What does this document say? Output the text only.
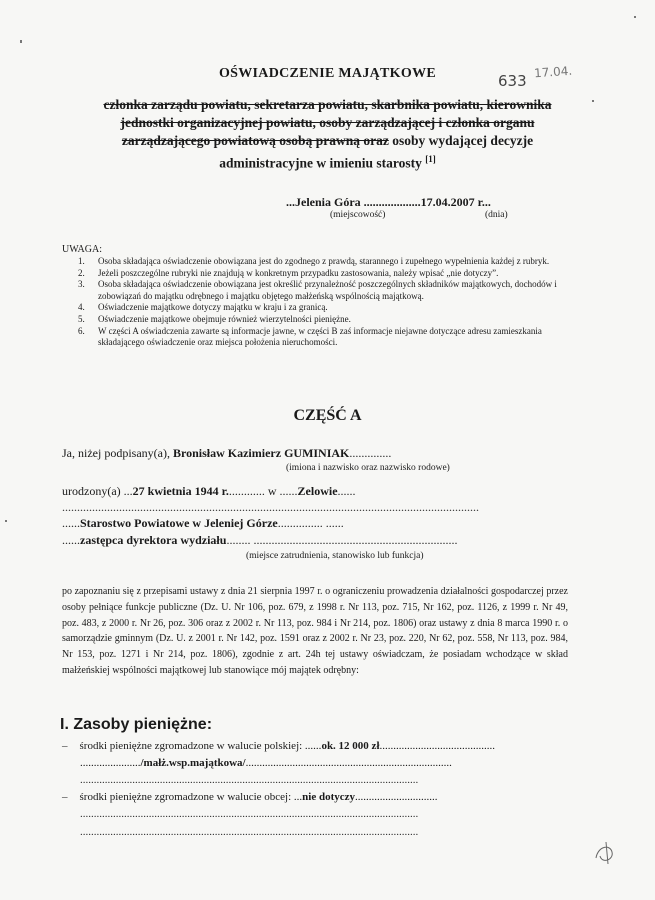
OŚWIADCZENIE MAJĄTKOWE	633 17.04.
członka zarządu powiatu, sekretarza powiatu, skarbnika powiatu, kierownika
jednostki organizacyjnej powiatu, osoby zarządzającej i członka organu
zarządzającego powiatową osobą prawną oraz osoby wydającej decyzje
administracyjne w imieniu starosty [1]
...Jelenia Góra ...................17.04.2007 r...
(miejscowość)	(dnia)
UWAGA:
1. Osoba składająca oświadczenie obowiązana jest do zgodnego z prawdą, starannego i zupełnego wypełnienia każdej z rubryk.
2. Jeżeli poszczególne rubryki nie znajdują w konkretnym przypadku zastosowania, należy wpisać „nie dotyczy”.
3. Osoba składająca oświadczenie obowiązana jest określić przynależność poszczególnych składników majątkowych, dochodów i zobowiązań do majątku odrębnego i majątku objętego małżeńską wspólnością majątkową.
4. Oświadczenie majątkowe dotyczy majątku w kraju i za granicą.
5. Oświadczenie majątkowe obejmuje również wierzytelności pieniężne.
6. W części A oświadczenia zawarte są informacje jawne, w części B zaś informacje niejawne dotyczące adresu zamieszkania składającego oświadczenie oraz miejsca położenia nieruchomości.
CZĘŚĆ A
Ja, niżej podpisany(a), Bronisław Kazimierz GUMINIAK..............
(imiona i nazwisko oraz nazwisko rodowe)
urodzony(a) ...27 kwietnia 1944 r............. w ......Zelowie......
...........................................................................................................................................
......Starostwo Powiatowe w Jeleniej Górze............... ......
......zastępca dyrektora wydziału........ ....................................................................
(miejsce zatrudnienia, stanowisko lub funkcja)
po zapoznaniu się z przepisami ustawy z dnia 21 sierpnia 1997 r. o ograniczeniu prowadzenia działalności gospodarczej przez osoby pełniące funkcje publiczne (Dz. U. Nr 106, poz. 679, z 1998 r. Nr 113, poz. 715, Nr 162, poz. 1126, z 1999 r. Nr 49, poz. 483, z 2000 r. Nr 26, poz. 306 oraz z 2002 r. Nr 113, poz. 984 i Nr 214, poz. 1806) oraz ustawy z dnia 8 marca 1990 r. o samorządzie gminnym (Dz. U. z 2001 r. Nr 142, poz. 1591 oraz z 2002 r. Nr 23, poz. 220, Nr 62, poz. 558, Nr 113, poz. 984, Nr 153, poz. 1271 i Nr 214, poz. 1806), zgodnie z art. 24h tej ustawy oświadczam, że posiadam wchodzące w skład małżeńskiej wspólności majątkowej lub stanowiące mój majątek odrębny:
I. Zasoby pieniężne:
– środki pieniężne zgromadzone w walucie polskiej: ......ok. 12 000 zł..........................................
....................../małż.wsp.majątkowa/...........................................................................
...........................................................................................................................
– środki pieniężne zgromadzone w walucie obcej: ...nie dotyczy..............................
...........................................................................................................................
...........................................................................................................................
